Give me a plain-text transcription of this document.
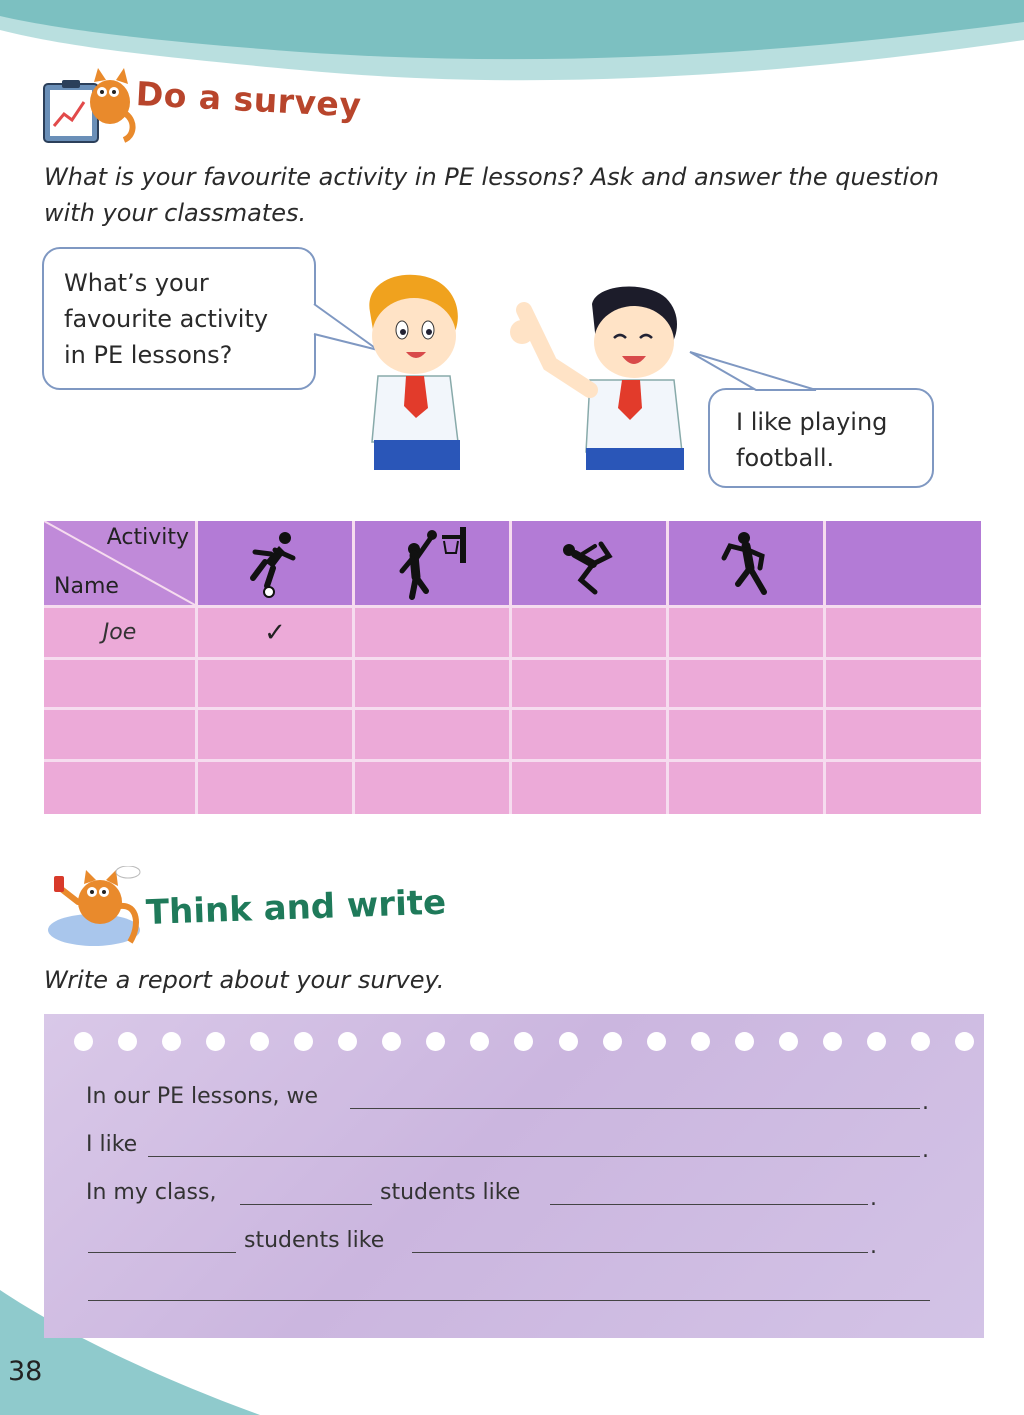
Do a survey
What is your favourite activity in PE lessons? Ask and answer the question with your classmates.
What’s your favourite activity in PE lessons?
I like playing football.
Activity
Name
Joe	✓
Think and write
Write a report about your survey.
In our PE lessons, we	.
I like	.
In my class,	students like	.
students like	.
38
